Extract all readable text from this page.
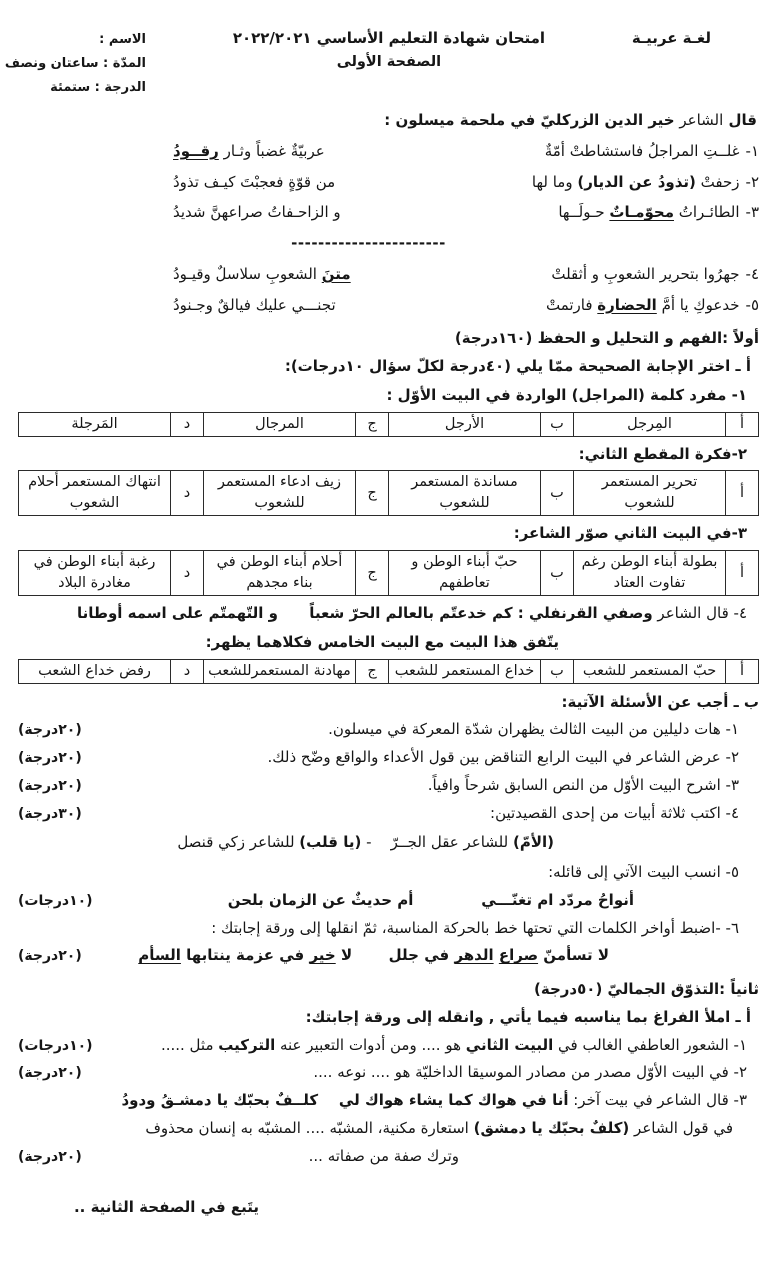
لغـة عربيـة
امتحان شهادة التعليم الأساسي ٢٠٢٢/٢٠٢١
الصفحة الأولى
الاسم :
المدّة : ساعتان ونصف
الدرجة : ستمئة
قال الشاعر خير الدين الزركليّ في ملحمة ميسلون :
١-غلــتِ المراجلُ فاستشاطتْ أمّةٌ
عربيّةٌ غضباً وثـار رقــودُ
٢-زحفتْ (تذودُ عن الديار) وما لها
من قوّةٍ فعجبْتَ كيـف تذودُ
٣-الطائـراتُ محوّمـاتٌ حـولَــها
و الزاحـفاتُ صراعهنَّ شديدُ
-----------------------
٤-جهرُوا بتحرير الشعوبِ و أثقلتْ
متنَ الشعوبِ سلاسلٌ وقيـودُ
٥-خدعوكِ يا أمَّ الحضارة فارتمتْ
تجنـــي عليك فيالقٌ وجـنودُ
أولاً :الفهم و التحليل و الحفظ (١٦٠درجة)
أ ـ اختر الإجابة الصحيحة ممّا يلي (٤٠درجة لكلّ سؤال ١٠درجات):
١- مفرد كلمة (المراجل) الواردة في البيت الأوّل :
أ	المِرجل	ب	الأرجل	ج	المرجال	د	المَرجلة
٢-فكرة المقطع الثاني:
أ	تحرير المستعمر للشعوب	ب	مساندة المستعمر للشعوب	ج	زيف ادعاء المستعمر للشعوب	د	انتهاك المستعمر أحلام الشعوب
٣-في البيت الثاني صوّر الشاعر:
أ	بطولة أبناء الوطن رغم تفاوت العتاد	ب	حبّ أبناء الوطن و تعاطفهم	ج	أحلام أبناء الوطن في بناء مجدهم	د	رغبة أبناء الوطن في مغادرة البلاد
٤- قال الشاعر وصفي القرنفلي : كم خدعتّم بالعالم الحرّ شعباً      و التّهمتّم على اسمه أوطانا
يتّفق هذا البيت مع البيت الخامس فكلاهما يظهر:
أ	حبّ المستعمر للشعب	ب	خداع المستعمر للشعب	ج	مهادنة المستعمرللشعب	د	رفض خداع الشعب
ب ـ أجب عن الأسئلة الآتية:
١- هات دليلين من البيت الثالث يظهران شدّة المعركة في ميسلون.
(٢٠درجة)
٢- عرض الشاعر في البيت الرابع التناقض بين قول الأعداء والواقع وضّح ذلك.
(٢٠درجة)
٣- اشرح البيت الأوّل من النص السابق شرحاً وافياً.
(٢٠درجة)
٤- اكتب ثلاثة أبيات من إحدى القصيدتين:
(٣٠درجة)
(الأمّ) للشاعر عقل الجــرّ    - (يا قلب) للشاعر زكي قنصل
٥- انسب البيت الآتي إلى قائله:
أنواحُ مردّد ام تغنّـــي             أم حديثٌ عن الزمان بلحن
(١٠درجات)
٦- -اضبط أواخر الكلمات التي تحتها خط بالحركة المناسبة، ثمّ انقلها إلى ورقة إجابتك :
لا تسأمنّ صراع الدهر في جلل       لا خير في عزمة ينتابها السأم
(٢٠درجة)
ثانياً :التذوّق الجماليّ (٥٠درجة)
أ ـ املأ الفراغ بما يناسبه فيما يأتي , وانقله إلى ورقة إجابتك:
١- الشعور العاطفي الغالب في البيت الثاني هو .... ومن أدوات التعبير عنه التركيب مثل .....
(١٠درجات)
٢- في البيت الأوّل مصدر من مصادر الموسيقا الداخليّة هو .... نوعه ....
(٢٠درجة)
٣- قال الشاعر في بيت آخر: أنا في هواك كما يشاء هواك لي    كلــفٌ بحبّك يا دمشـقُ ودودُ
في قول الشاعر (كلفٌ بحبّك يا دمشق) استعارة مكنية، المشبّه .... المشبّه به إنسان محذوف
وترك صفة من صفاته ...
(٢٠درجة)
يتَبع في الصفحة الثانية ..
